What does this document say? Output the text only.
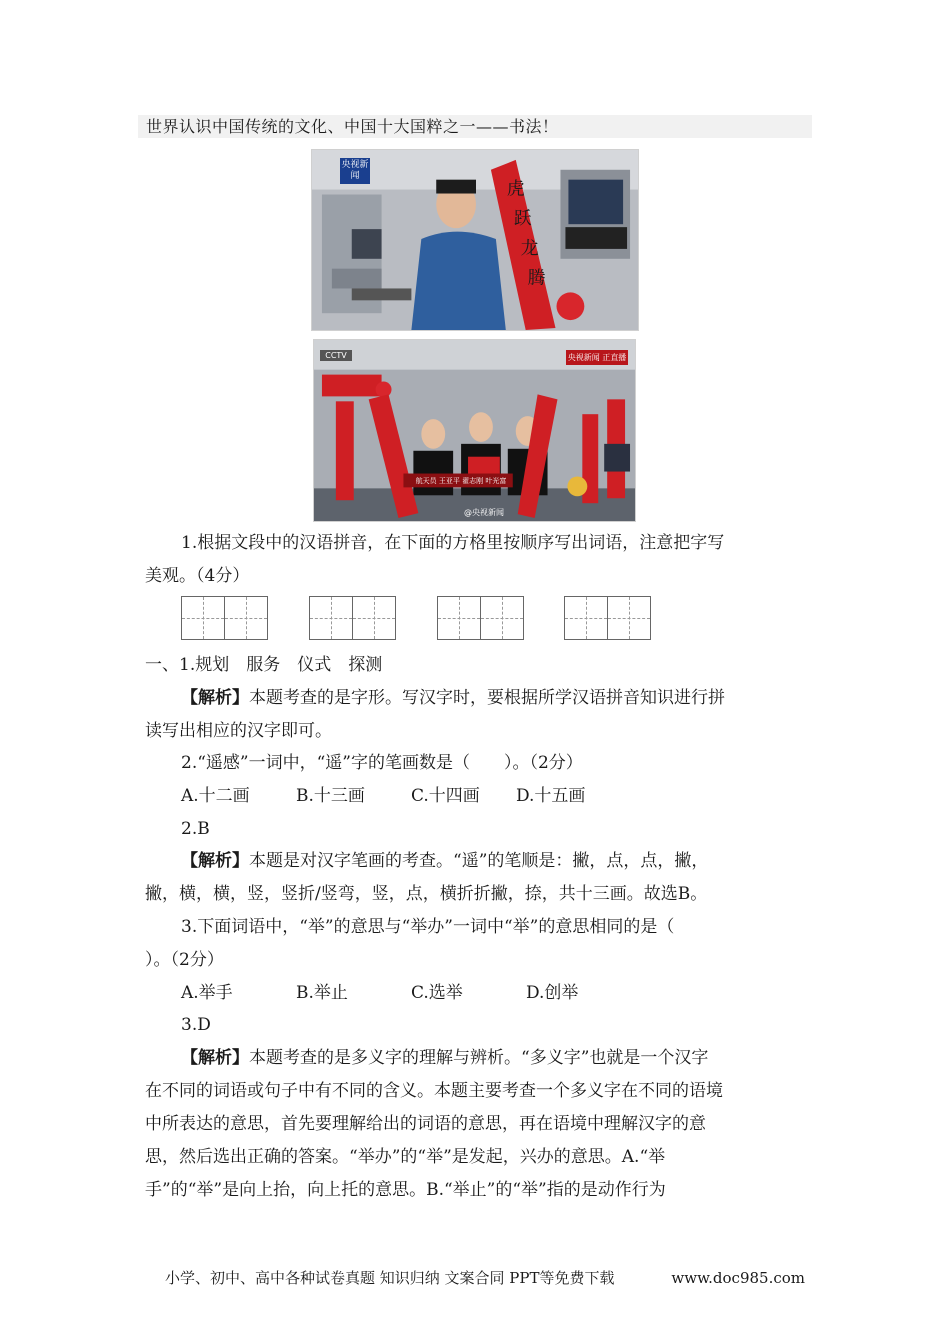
世界认识中国传统的文化、中国十大国粹之一——书法！
虎
跃
龙
腾
央视新闻
CCTV	央视新闻 正直播
航天员 王亚平 翟志刚 叶光富
@央视新闻
1.根据文段中的汉语拼音，在下面的方格里按顺序写出词语，注意把字写
美观。（4分）
一、1.规划　服务　仪式　探测
【解析】本题考查的是字形。写汉字时，要根据所学汉语拼音知识进行拼
读写出相应的汉字即可。
2.“遥感”一词中，“遥”字的笔画数是（　　）。（2分）
A.十二画	B.十三画	C.十四画 D.十五画
2.B
【解析】本题是对汉字笔画的考查。“遥”的笔顺是：撇，点，点，撇，
撇，横，横，竖，竖折/竖弯，竖，点，横折折撇，捺，共十三画。故选B。
3.下面词语中，“举”的意思与“举办”一词中“举”的意思相同的是（
）。（2分）
A.举手	B.举止	C.选举	D.创举
3.D
【解析】本题考查的是多义字的理解与辨析。“多义字”也就是一个汉字
在不同的词语或句子中有不同的含义。本题主要考查一个多义字在不同的语境
中所表达的意思，首先要理解给出的词语的意思，再在语境中理解汉字的意
思，然后选出正确的答案。“举办”的“举”是发起，兴办的意思。A.“举
手”的“举”是向上抬，向上托的意思。B.“举止”的“举”指的是动作行为
小学、初中、高中各种试卷真题 知识归纳 文案合同 PPT等免费下载	www.doc985.com
